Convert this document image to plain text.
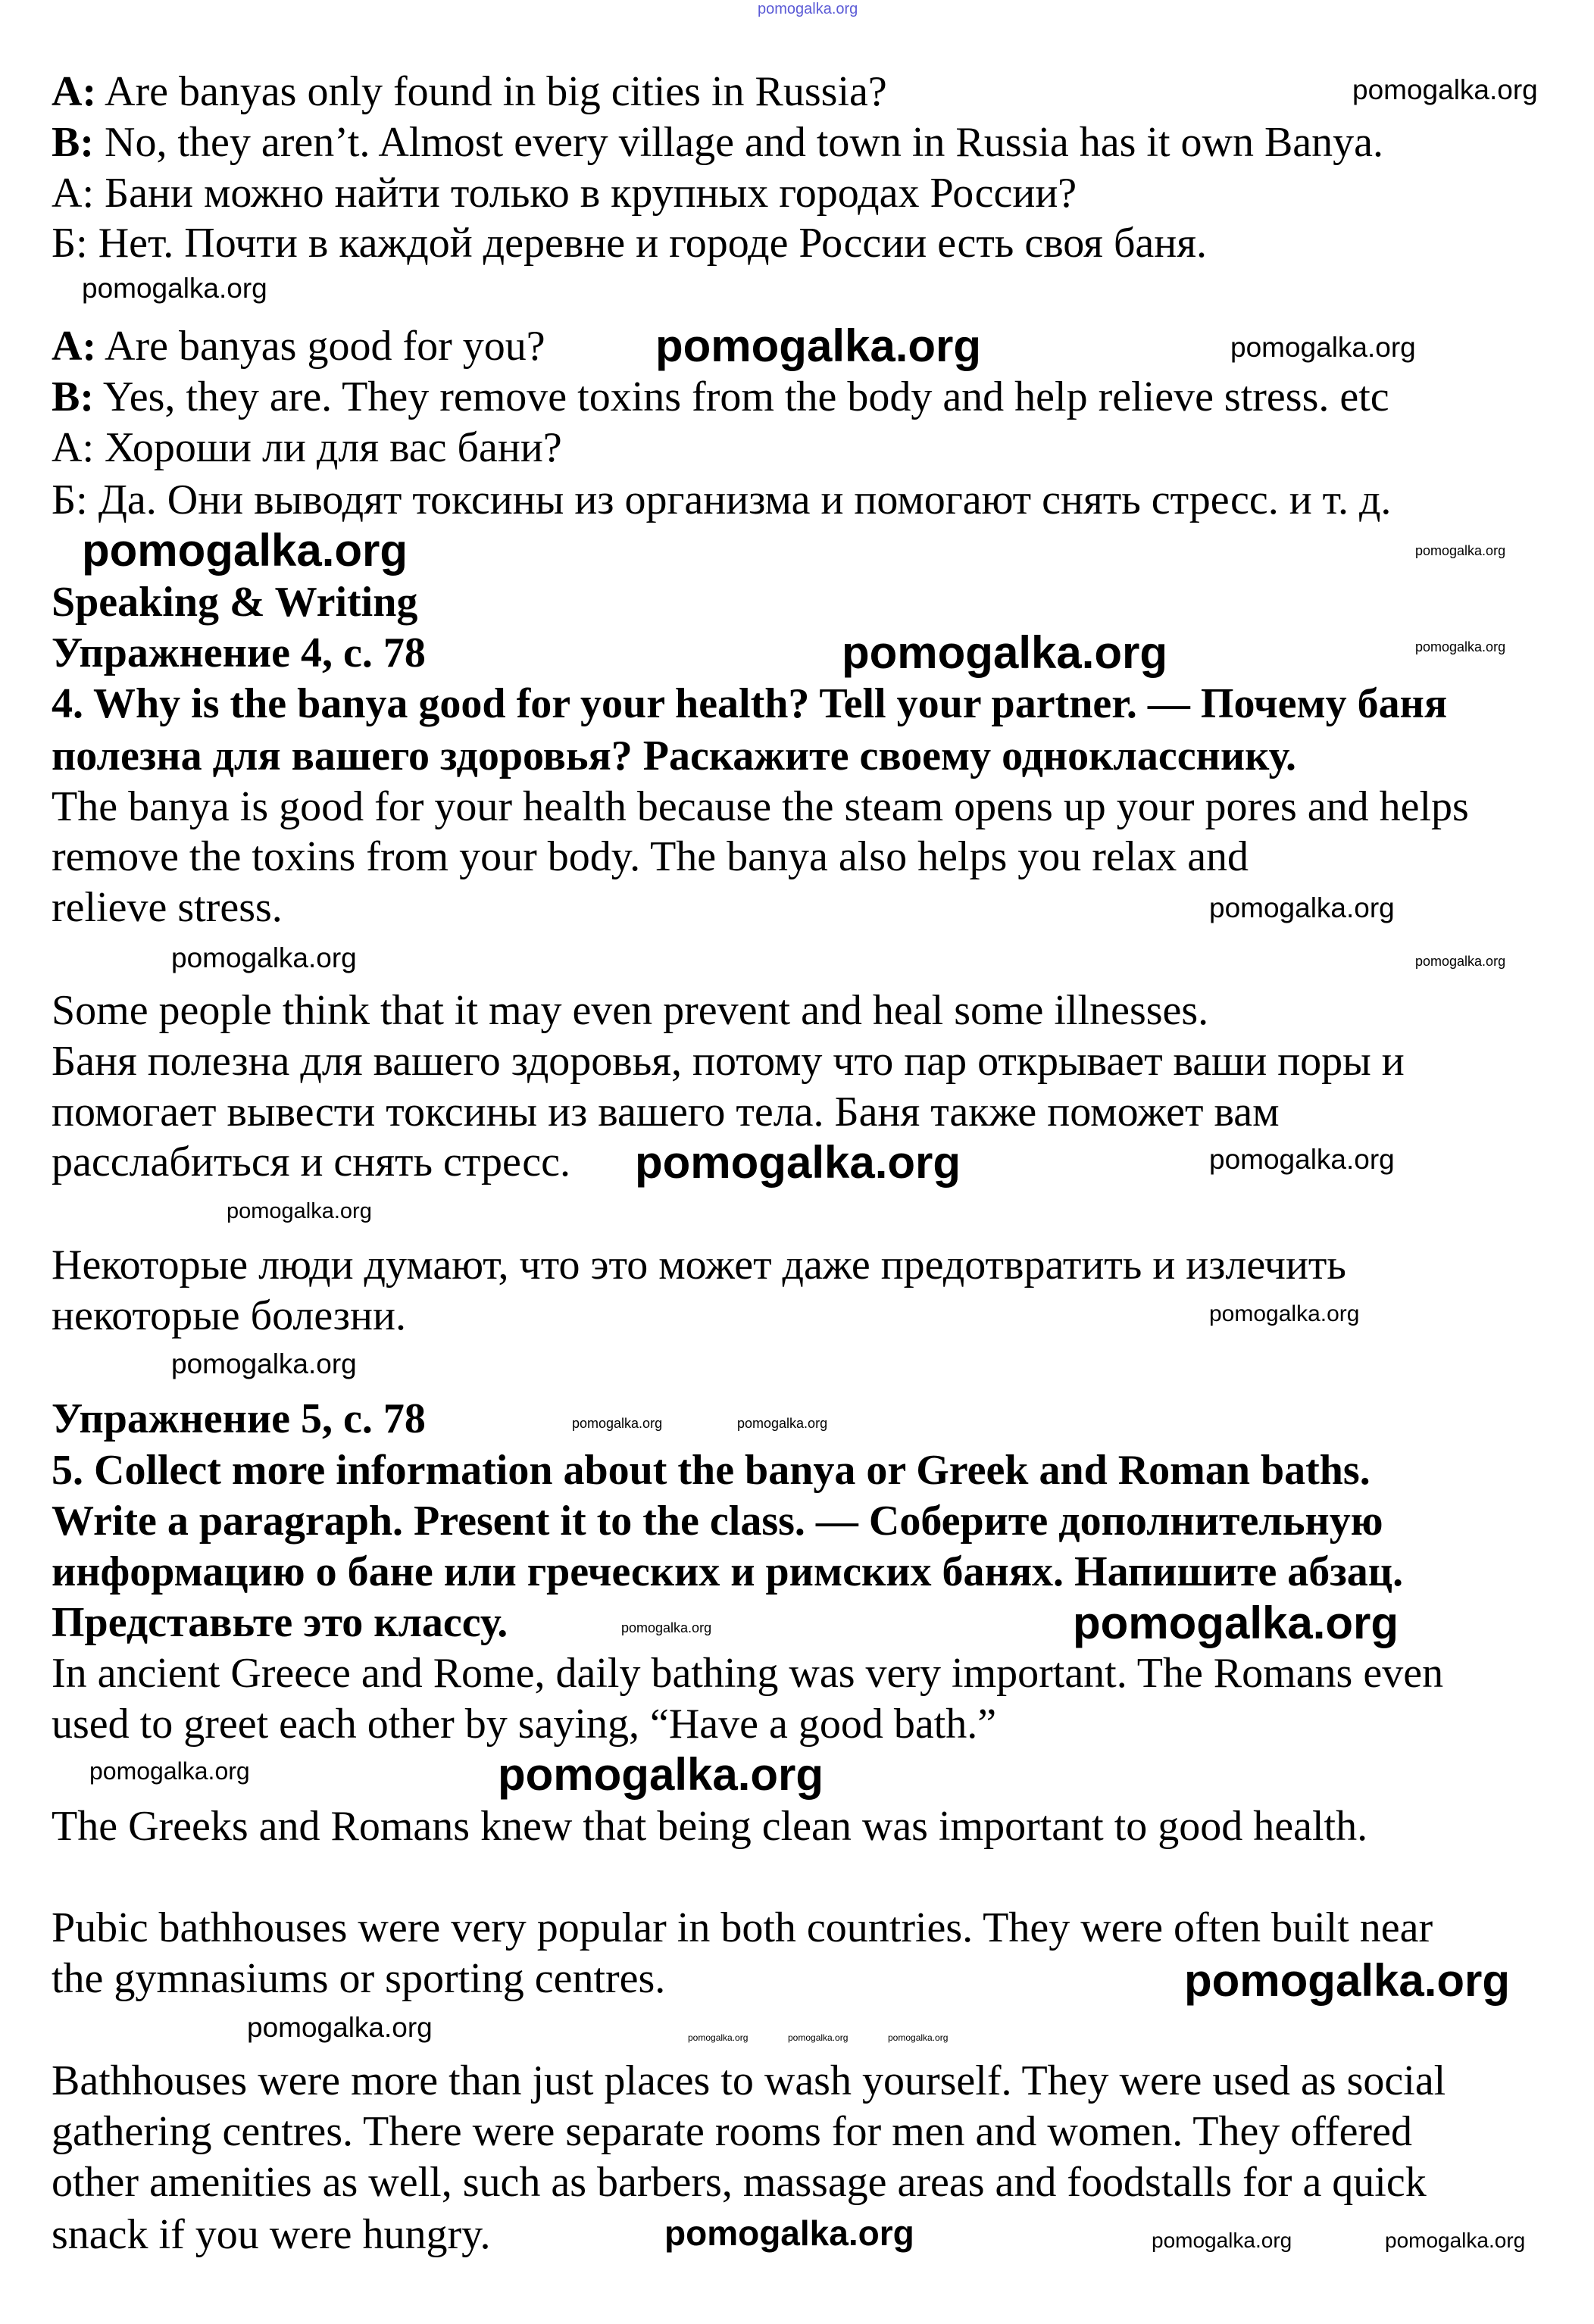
A: Are banyas only found in big cities in Russia?
B: No, they aren’t. Almost every village and town in Russia has it own Banya.
А: Бани можно найти только в крупных городах России?
Б: Нет. Почти в каждой деревне и городе России есть своя баня.
A: Are banyas good for you?
B: Yes, they are. They remove toxins from the body and help relieve stress. etc
А: Хороши ли для вас бани?
Б: Да. Они выводят токсины из организма и помогают снять стресс. и т. д.
Speaking & Writing
Упражнение 4, с. 78
4. Why is the banya good for your health? Tell your partner. — Почему баня
полезна для вашего здоровья? Раскажите своему однокласснику.
The banya is good for your health because the steam opens up your pores and helps
remove the toxins from your body. The banya also helps you relax and
relieve stress.
Some people think that it may even prevent and heal some illnesses.
Баня полезна для вашего здоровья, потому что пар открывает ваши поры и
помогает вывести токсины из вашего тела. Баня также поможет вам
расслабиться и снять стресс.
Некоторые люди думают, что это может даже предотвратить и излечить
некоторые болезни.
Упражнение 5, с. 78
5. Collect more information about the banya or Greek and Roman baths.
Write a paragraph. Present it to the class. — Соберите дополнительную
информацию о бане или греческих и римских банях. Напишите абзац.
Представьте это классу.
In ancient Greece and Rome, daily bathing was very important. The Romans even
used to greet each other by saying, “Have a good bath.”
The Greeks and Romans knew that being clean was important to good health.
Pubic bathhouses were very popular in both countries. They were often built near
the gymnasiums or sporting centres.
Bathhouses were more than just places to wash yourself. They were used as social
gathering centres. There were separate rooms for men and women. They offered
other amenities as well, such as barbers, massage areas and foodstalls for a quick
snack if you were hungry.
pomogalka.org
pomogalka.org
pomogalka.org
pomogalka.org
pomogalka.org
pomogalka.org
pomogalka.org
pomogalka.org
pomogalka.org
pomogalka.org
pomogalka.org
pomogalka.org
pomogalka.org	pomogalka.org
pomogalka.org
pomogalka.org
pomogalka.org
pomogalka.org
pomogalka.org
pomogalka.org
pomogalka.org
pomogalka.org
pomogalka.org
pomogalka.org
pomogalka.org
pomogalka.org	pomogalka.org
pomogalka.org
pomogalka.org	pomogalka.org	pomogalka.org
